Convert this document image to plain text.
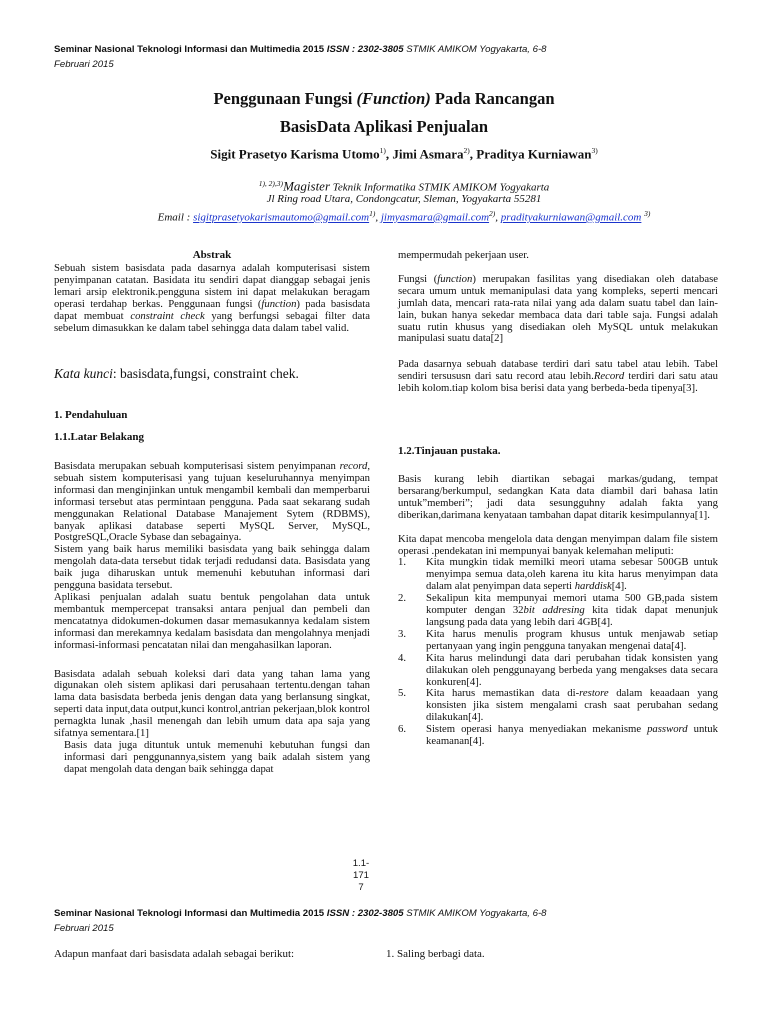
Seminar Nasional Teknologi Informasi dan Multimedia 2015 ISSN : 2302-3805 STMIK AMIKOM Yogyakarta, 6-8
Februari 2015
Penggunaan Fungsi (Function) Pada Rancangan
BasisData Aplikasi Penjualan
Sigit Prasetyo Karisma Utomo$^{1)}$, Jimi Asmara$^{2)}$, Praditya Kurniawan$^{3)}$
$^{1), 2),3)}$Magister Teknik Informatika STMIK AMIKOM Yogyakarta
Jl Ring road Utara, Condongcatur, Sleman, Yogyakarta 55281
Email : sigitprasetyokarismautomo@gmail.com$^{1)}$, jimyasmara@gmail.com$^{2)}$, pradityakurniawan@gmail.com $^{3)}$
Abstrak

Sebuah sistem basisdata pada dasarnya adalah komputerisasi sistem penyimpanan catatan. Basidata itu sendiri dapat dianggap sebagai jenis lemari arsip elektronik.pengguna sistem ini dapat melakukan beragam operasi terdahap berkas. Penggunaan fungsi (function) pada basisdata dapat membuat constraint check yang berfungsi sebagai filter data sebelum dimasukkan ke dalam tabel sehingga data dalam tabel valid.

Kata kunci: basisdata,fungsi, constraint chek.
1. Pendahuluan
1.1.Latar Belakang

Basisdata merupakan sebuah komputerisasi sistem penyimpanan record, sebuah sistem komputerisasi yang tujuan keseluruhannya menyimpan informasi dan menginjinkan untuk mengambil kembali dan memperbarui informasi tersebut atas permintaan pengguna. Pada saat sekarang sudah menggunakan Relational Database Manajement Sytem (RDBMS), banyak aplikasi database seperti MySQL Server, MySQL, PostgreSQL,Oracle Sybase dan sebagainya.

Sistem yang baik harus memiliki basisdata yang baik sehingga dalam mengolah data-data tersebut tidak terjadi redudansi data. Basisdata yang baik juga diharuskan untuk memenuhi kebutuhan informasi dari pengguna basidata tersebut.

Aplikasi penjualan adalah suatu bentuk pengolahan data untuk membantuk mempercepat transaksi antara penjual dan pembeli dan mencatatnya didokumen-dokumen dasar memasukannya kedalam sistem informasi dan merekamnya kedalam basisdata dan mengolahnya menjadi informasi-informasi pencatatan nilai dan mengahasilkan laporan.

Basisdata adalah sebuah koleksi dari data yang tahan lama yang digunakan oleh sistem aplikasi dari perusahaan tertentu.dengan tahan lama data basisdata berbeda jenis dengan data yang berlansung singkat, seperti data input,data output,kunci kontrol,antrian pekerjaan,blok kontrol pernagkta lunak ,hasil menengah dan lebih umum data apa saja yang sifatnya sementara.[1]

Basis data juga dituntuk untuk memenuhi kebutuhan fungsi dan informasi dari penggunannya,sistem yang baik adalah sistem yang dapat mengolah data dengan baik sehingga dapat

mempermudah pekerjaan user.

Fungsi (function) merupakan fasilitas yang disediakan oleh database secara umum untuk memanipulasi data yang kompleks, seperti mencari jumlah data, mencari rata-rata nilai yang ada dalam suatu tabel dan lain-lain, bukan hanya sekedar membaca data dari table saja. Fungsi adalah suatu rutin khusus yang disediakan oleh MySQL untuk melakukan manipulasi suatu data[2]

Pada dasarnya sebuah database terdiri dari satu tabel atau lebih. Tabel sendiri tersususn dari satu record atau lebih.Record terdiri dari satu atau lebih kolom.tiap kolom bisa berisi data yang berbeda-beda tipenya[3].

1.2.Tinjauan pustaka.

Basis kurang lebih diartikan sebagai markas/gudang, tempat bersarang/berkumpul, sedangkan Kata data diambil dari bahasa latin untuk”memberi”; jadi data sesungguhny adalah fakta yang diberikan,darimana kenyataan tambahan dapat ditarik kesimpulannya[1].

Kita dapat mencoba mengelola data dengan menyimpan dalam file sistem operasi .pendekatan ini mempunyai banyak kelemahan meliputi:

1. Kita mungkin tidak memilki meori utama sebesar 500GB untuk menyimpa semua data,oleh karena itu kita harus menyimpan data dalam alat penyimpan data seperti harddisk[4].
2. Sekalipun kita mempunyai memori utama 500 GB,pada sistem komputer dengan 32bit addresing kita tidak dapat menunjuk langsung pada data yang lebih dari 4GB[4].
3. Kita harus menulis program khusus untuk menjawab setiap pertanyaan yang ingin pengguna tanyakan mengenai data[4].
4. Kita harus melindungi data dari perubahan tidak konsisten yang dilakukan oleh penggunayang berbeda yang mengakses data secara konkuren[4].
5. Kita harus memastikan data di-restore dalam keaadaan yang konsisten jika sistem mengalami crash saat perubahan sedang dilakukan[4].
6. Sistem operasi hanya menyediakan mekanisme password untuk keamanan[4].
1.1-
171
7
Seminar Nasional Teknologi Informasi dan Multimedia 2015 ISSN : 2302-3805 STMIK AMIKOM Yogyakarta, 6-8
Februari 2015
Adapun manfaat dari basisdata adalah sebagai berikut:	1. Saling berbagi data.
